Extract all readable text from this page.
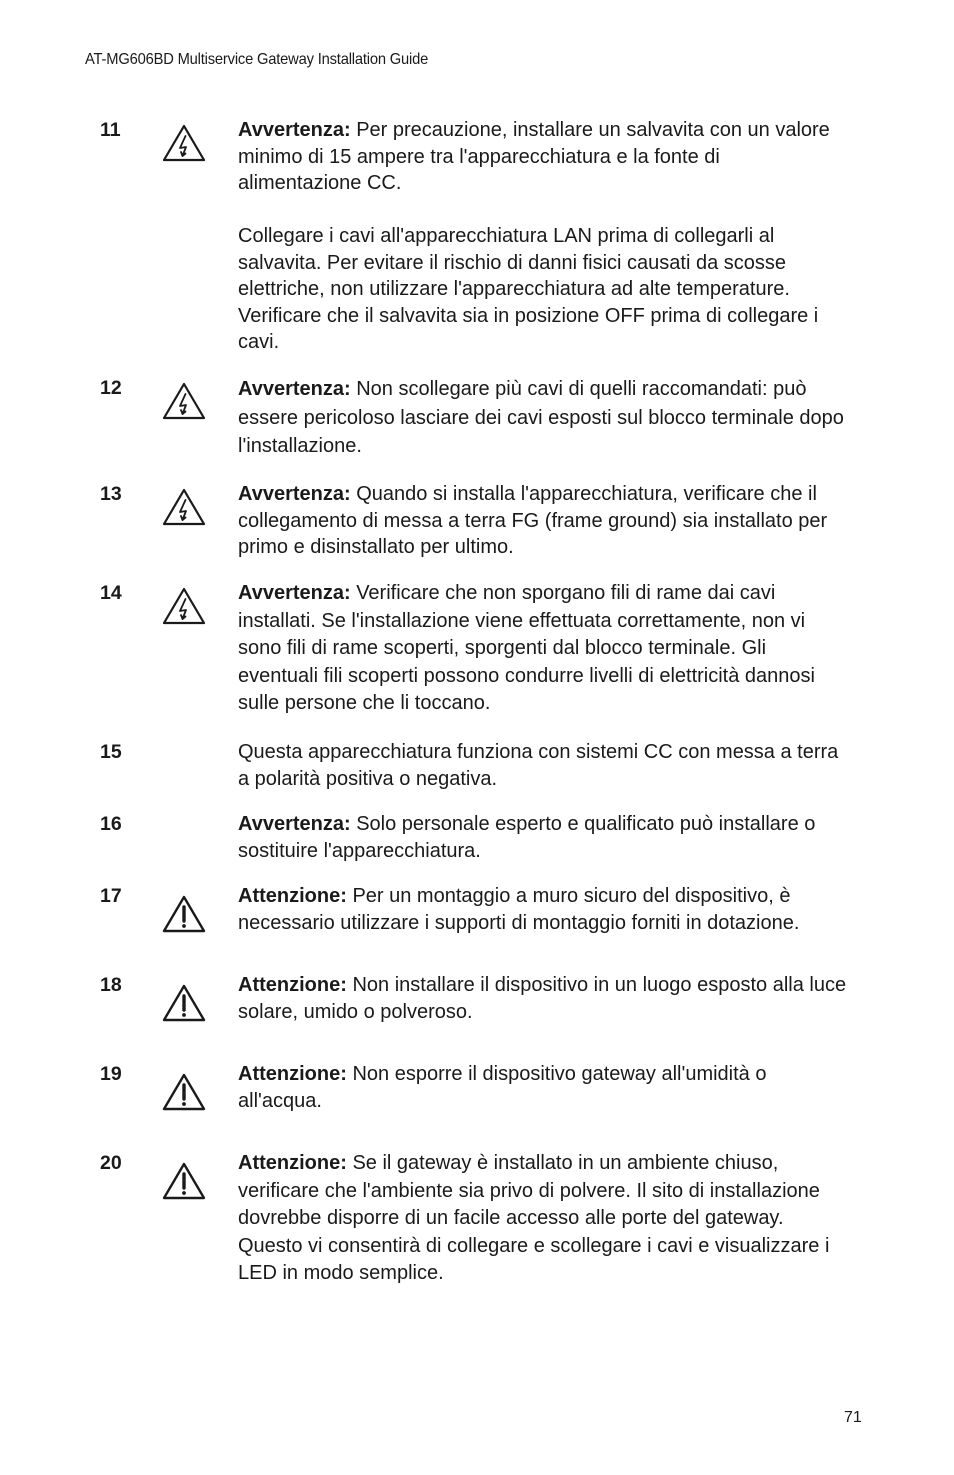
AT-MG606BD Multiservice Gateway Installation Guide
11	Avvertenza: Per precauzione, installare un salvavita con un valore minimo di 15 ampere tra l'apparecchiatura e la fonte di alimentazione CC.

Collegare i cavi all'apparecchiatura LAN prima di collegarli al salvavita. Per evitare il rischio di danni fisici causati da scosse elettriche, non utilizzare l'apparecchiatura ad alte temperature. Verificare che il salvavita sia in posizione OFF prima di collegare i cavi.

12	Avvertenza: Non scollegare più cavi di quelli raccomandati: può essere pericoloso lasciare dei cavi esposti sul blocco terminale dopo l'installazione.

13	Avvertenza: Quando si installa l'apparecchiatura, verificare che il collegamento di messa a terra FG (frame ground) sia installato per primo e disinstallato per ultimo.

14	Avvertenza: Verificare che non sporgano fili di rame dai cavi installati. Se l'installazione viene effettuata correttamente, non vi sono fili di rame scoperti, sporgenti dal blocco terminale. Gli eventuali fili scoperti possono condurre livelli di elettricità dannosi sulle persone che li toccano.

15	Questa apparecchiatura funziona con sistemi CC con messa a terra a polarità positiva o negativa.

16	Avvertenza: Solo personale esperto e qualificato può installare o sostituire l'apparecchiatura.

17	Attenzione: Per un montaggio a muro sicuro del dispositivo, è necessario utilizzare i supporti di montaggio forniti in dotazione.

18	Attenzione: Non installare il dispositivo in un luogo esposto alla luce solare, umido o polveroso.

19	Attenzione: Non esporre il dispositivo gateway all'umidità o all'acqua.

20	Attenzione: Se il gateway è installato in un ambiente chiuso, verificare che l'ambiente sia privo di polvere. Il sito di installazione dovrebbe disporre di un facile accesso alle porte del gateway. Questo vi consentirà di collegare e scollegare i cavi e visualizzare i LED in modo semplice.

71
